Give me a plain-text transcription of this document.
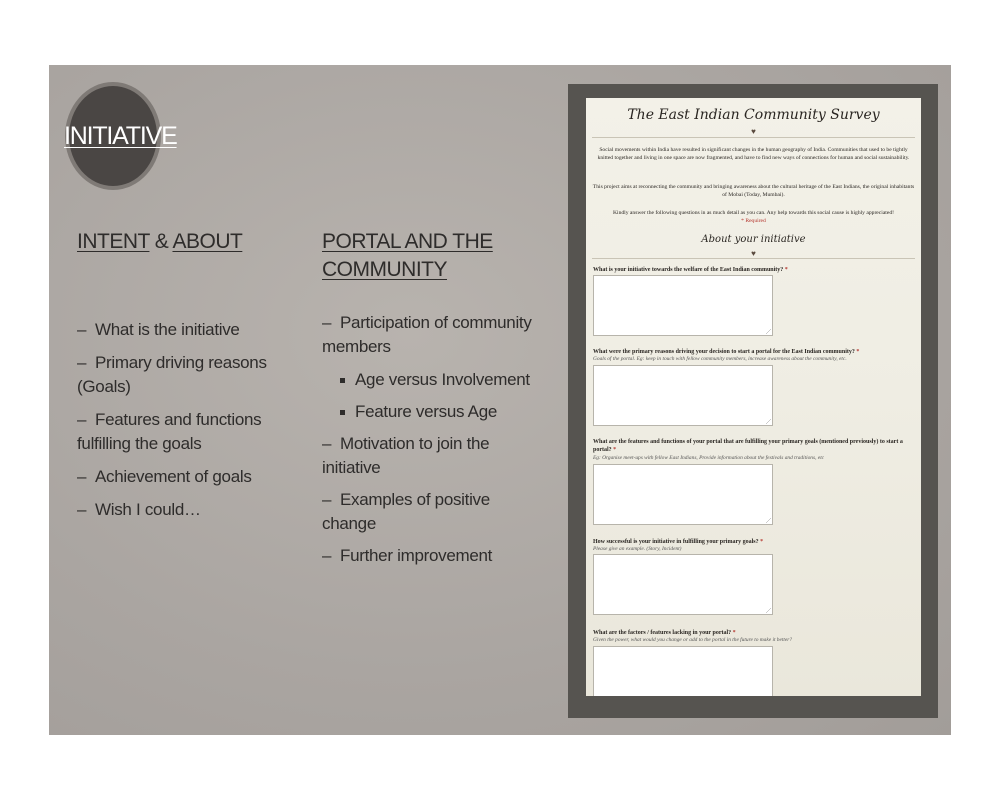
INITIATIVE
INTENT & ABOUT
– What is the initiative
– Primary driving reasons (Goals)
– Features and functions fulfilling the goals
– Achievement of goals
– Wish I could…
PORTAL AND THE
COMMUNITY
– Participation of community members
Age versus Involvement
Feature versus Age
– Motivation to join the initiative
– Examples of positive change
– Further improvement
The East Indian Community Survey
♥
Social movements within India have resulted in significant changes in the human geography of India. Communities that used to be tightly knitted together and living in one space are now fragmented, and have to find new ways of connections for human and social sustainability.
This project aims at reconnecting the community and bringing awareness about the cultural heritage of the East Indians, the original inhabitants of Mobai (Today, Mumbai).
Kindly answer the following questions in as much detail as you can. Any help towards this social cause is highly appreciated!
* Required
About your initiative
♥
What is your initiative towards the welfare of the East Indian community? *
What were the primary reasons driving your decision to start a portal for the East Indian community? *
Goals of the portal. Eg: keep in touch with fellow community members, increase awareness about the community, etc.
What are the features and functions of your portal that are fulfilling your primary goals (mentioned previously) to start a portal? *
Eg: Organise meet-ups with fellow East Indians, Provide information about the festivals and traditions, etc
How successful is your initiative in fulfilling your primary goals? *
Please give an example. (Story, Incident)
What are the factors / features lacking in your portal? *
Given the power, what would you change or add to the portal in the future to make it better?
